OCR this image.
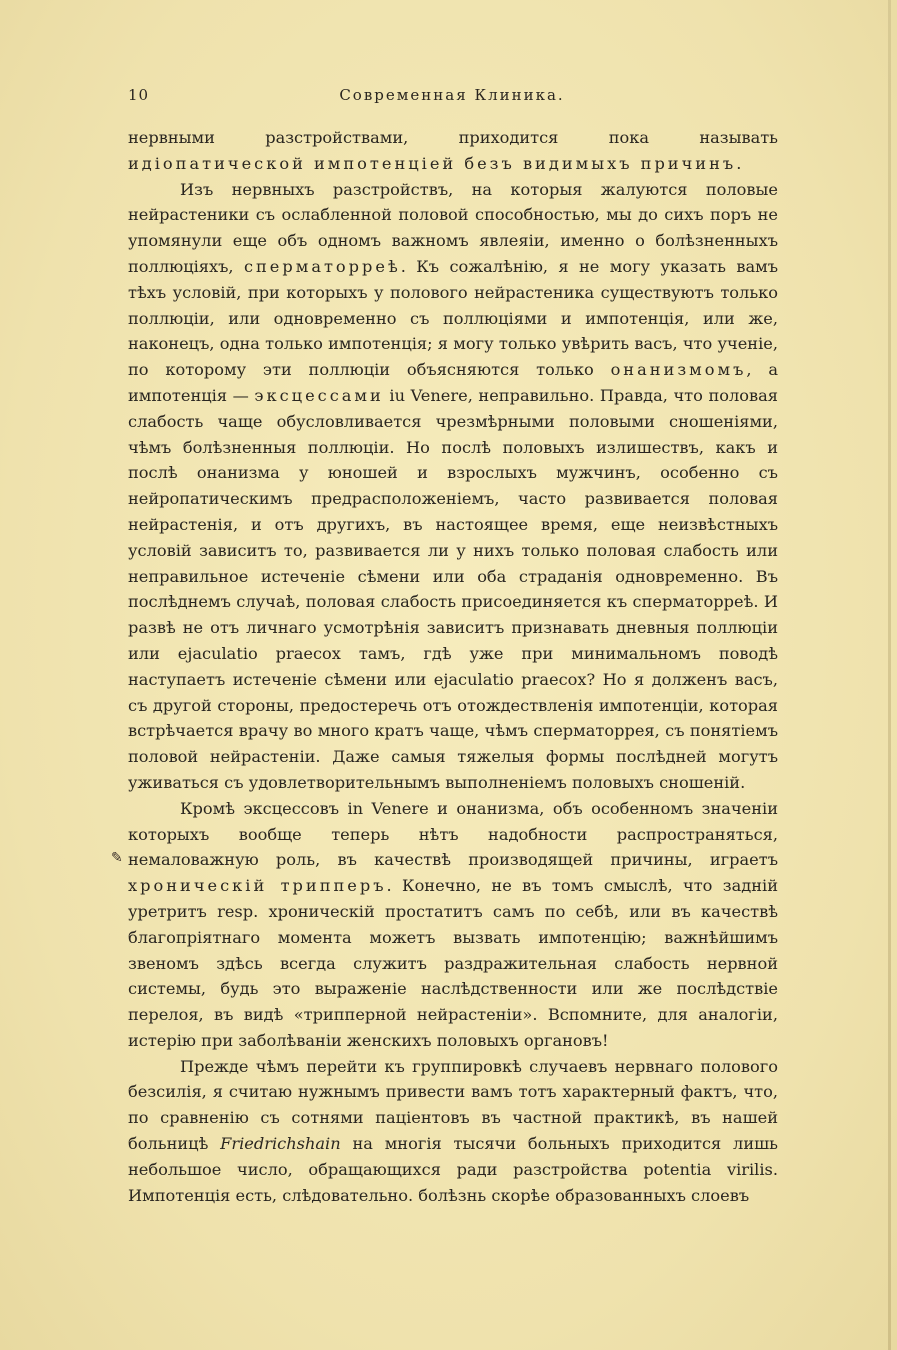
10	Современная Клиника.

нервными разстройствами, приходится пока называть идіопатической импотенціей безъ видимыхъ причинъ.

Изъ нервныхъ разстройствъ, на которыя жалуются половые нейрастеники съ ослабленной половой способностью, мы до сихъ поръ не упомянули еще объ одномъ важномъ явлеяіи, именно о болѣзненныхъ поллюціяхъ, сперматорреѣ. Къ сожалѣнію, я не могу указать вамъ тѣхъ условій, при которыхъ у полового нейрастеника существуютъ только поллюціи, или одновременно съ поллюціями и импотенція, или же, наконецъ, одна только импотенція; я могу только увѣрить васъ, что ученіе, по которому эти поллюціи объясняются только онанизмомъ, а импотенція — эксцессами iu Venere, неправильно. Правда, что половая слабость чаще обусловливается чрезмѣрными половыми сношеніями, чѣмъ болѣзненныя поллюціи. Но послѣ половыхъ излишествъ, какъ и послѣ онанизма у юношей и взрослыхъ мужчинъ, особенно съ нейропатическимъ предрасположеніемъ, часто развивается половая нейрастенія, и отъ другихъ, въ настоящее время, еще неизвѣстныхъ условій зависитъ то, развивается ли у нихъ только половая слабость или неправильное истеченіе сѣмени или оба страданія одновременно. Въ послѣднемъ случаѣ, половая слабость присоединяется къ сперматорреѣ. И развѣ не отъ личнаго усмотрѣнія зависитъ признавать дневныя поллюціи или ejaculatio praecox тамъ, гдѣ уже при минимальномъ поводѣ наступаетъ истеченіе сѣмени или ejaculatio praecox? Но я долженъ васъ, съ другой стороны, предостеречь отъ отождествленія импотенціи, которая встрѣчается врачу во много кратъ чаще, чѣмъ сперматоррея, съ понятіемъ половой нейрастеніи. Даже самыя тяжелыя формы послѣдней могутъ уживаться съ удовлетворительнымъ выполненіемъ половыхъ сношеній.

Кромѣ эксцессовъ in Venere и онанизма, объ особенномъ значеніи которыхъ вообще теперь нѣтъ надобности распространяться, немаловажную роль, въ качествѣ производящей причины, играетъ хроническій трипперъ. Конечно, не въ томъ смыслѣ, что задній уретритъ resp. хроническій простатитъ самъ по себѣ, или въ качествѣ благопріятнаго момента можетъ вызвать импотенцію; важнѣйшимъ звеномъ здѣсь всегда служитъ раздражительная слабость нервной системы, будь это выраженіе наслѣдственности или же послѣдствіе перелоя, въ видѣ «трипперной нейрастеніи». Вспомните, для аналогіи, истерію при заболѣваніи женскихъ половыхъ органовъ!

Прежде чѣмъ перейти къ группировкѣ случаевъ нервнаго полового безсилія, я считаю нужнымъ привести вамъ тотъ характерный фактъ, что, по сравненію съ сотнями паціентовъ въ частной практикѣ, въ нашей больницѣ Friedrichshain на многія тысячи больныхъ приходится лишь небольшое число, обращающихся ради разстройства potentia virilis. Импотенція есть, слѣдовательно. болѣзнь скорѣе образованныхъ слоевъ

✎
